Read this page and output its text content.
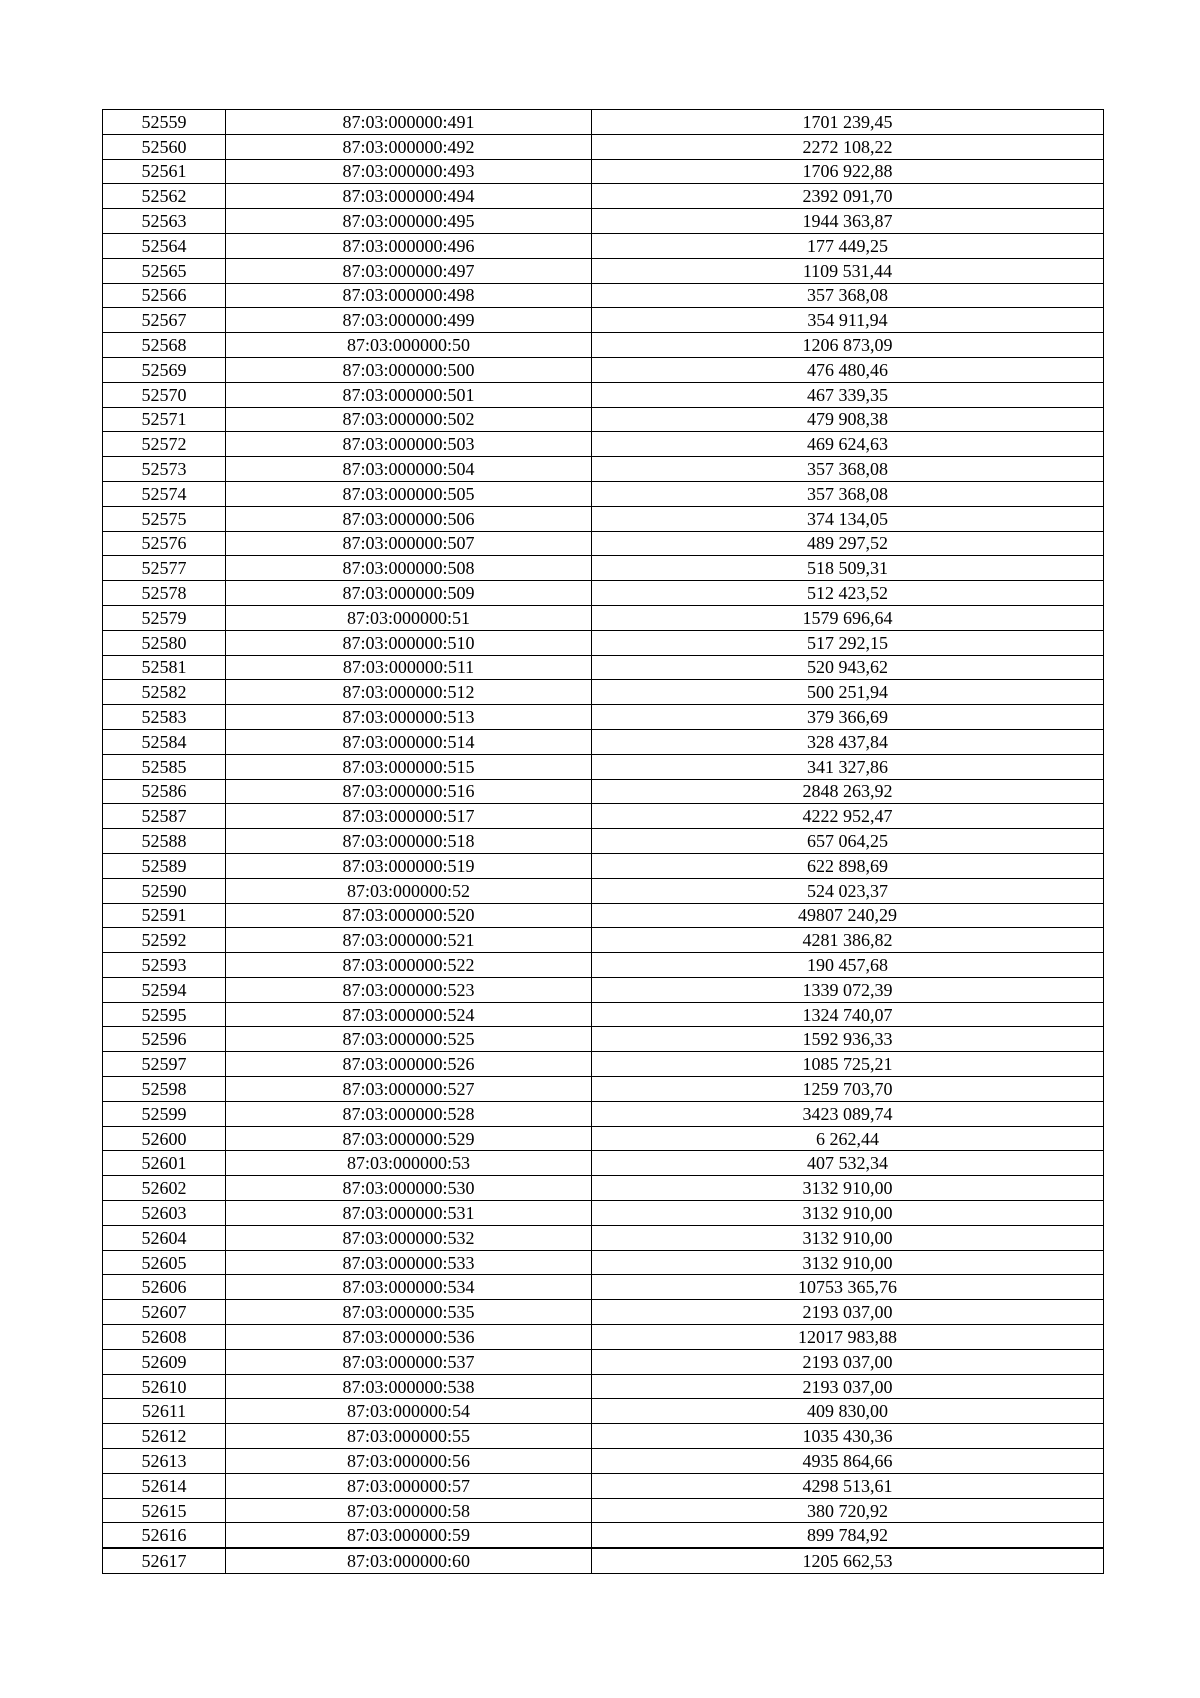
52559	87:03:000000:491	1701 239,45
52560	87:03:000000:492	2272 108,22
52561	87:03:000000:493	1706 922,88
52562	87:03:000000:494	2392 091,70
52563	87:03:000000:495	1944 363,87
52564	87:03:000000:496	177 449,25
52565	87:03:000000:497	1109 531,44
52566	87:03:000000:498	357 368,08
52567	87:03:000000:499	354 911,94
52568	87:03:000000:50	1206 873,09
52569	87:03:000000:500	476 480,46
52570	87:03:000000:501	467 339,35
52571	87:03:000000:502	479 908,38
52572	87:03:000000:503	469 624,63
52573	87:03:000000:504	357 368,08
52574	87:03:000000:505	357 368,08
52575	87:03:000000:506	374 134,05
52576	87:03:000000:507	489 297,52
52577	87:03:000000:508	518 509,31
52578	87:03:000000:509	512 423,52
52579	87:03:000000:51	1579 696,64
52580	87:03:000000:510	517 292,15
52581	87:03:000000:511	520 943,62
52582	87:03:000000:512	500 251,94
52583	87:03:000000:513	379 366,69
52584	87:03:000000:514	328 437,84
52585	87:03:000000:515	341 327,86
52586	87:03:000000:516	2848 263,92
52587	87:03:000000:517	4222 952,47
52588	87:03:000000:518	657 064,25
52589	87:03:000000:519	622 898,69
52590	87:03:000000:52	524 023,37
52591	87:03:000000:520	49807 240,29
52592	87:03:000000:521	4281 386,82
52593	87:03:000000:522	190 457,68
52594	87:03:000000:523	1339 072,39
52595	87:03:000000:524	1324 740,07
52596	87:03:000000:525	1592 936,33
52597	87:03:000000:526	1085 725,21
52598	87:03:000000:527	1259 703,70
52599	87:03:000000:528	3423 089,74
52600	87:03:000000:529	6 262,44
52601	87:03:000000:53	407 532,34
52602	87:03:000000:530	3132 910,00
52603	87:03:000000:531	3132 910,00
52604	87:03:000000:532	3132 910,00
52605	87:03:000000:533	3132 910,00
52606	87:03:000000:534	10753 365,76
52607	87:03:000000:535	2193 037,00
52608	87:03:000000:536	12017 983,88
52609	87:03:000000:537	2193 037,00
52610	87:03:000000:538	2193 037,00
52611	87:03:000000:54	409 830,00
52612	87:03:000000:55	1035 430,36
52613	87:03:000000:56	4935 864,66
52614	87:03:000000:57	4298 513,61
52615	87:03:000000:58	380 720,92
52616	87:03:000000:59	899 784,92
52617	87:03:000000:60	1205 662,53
